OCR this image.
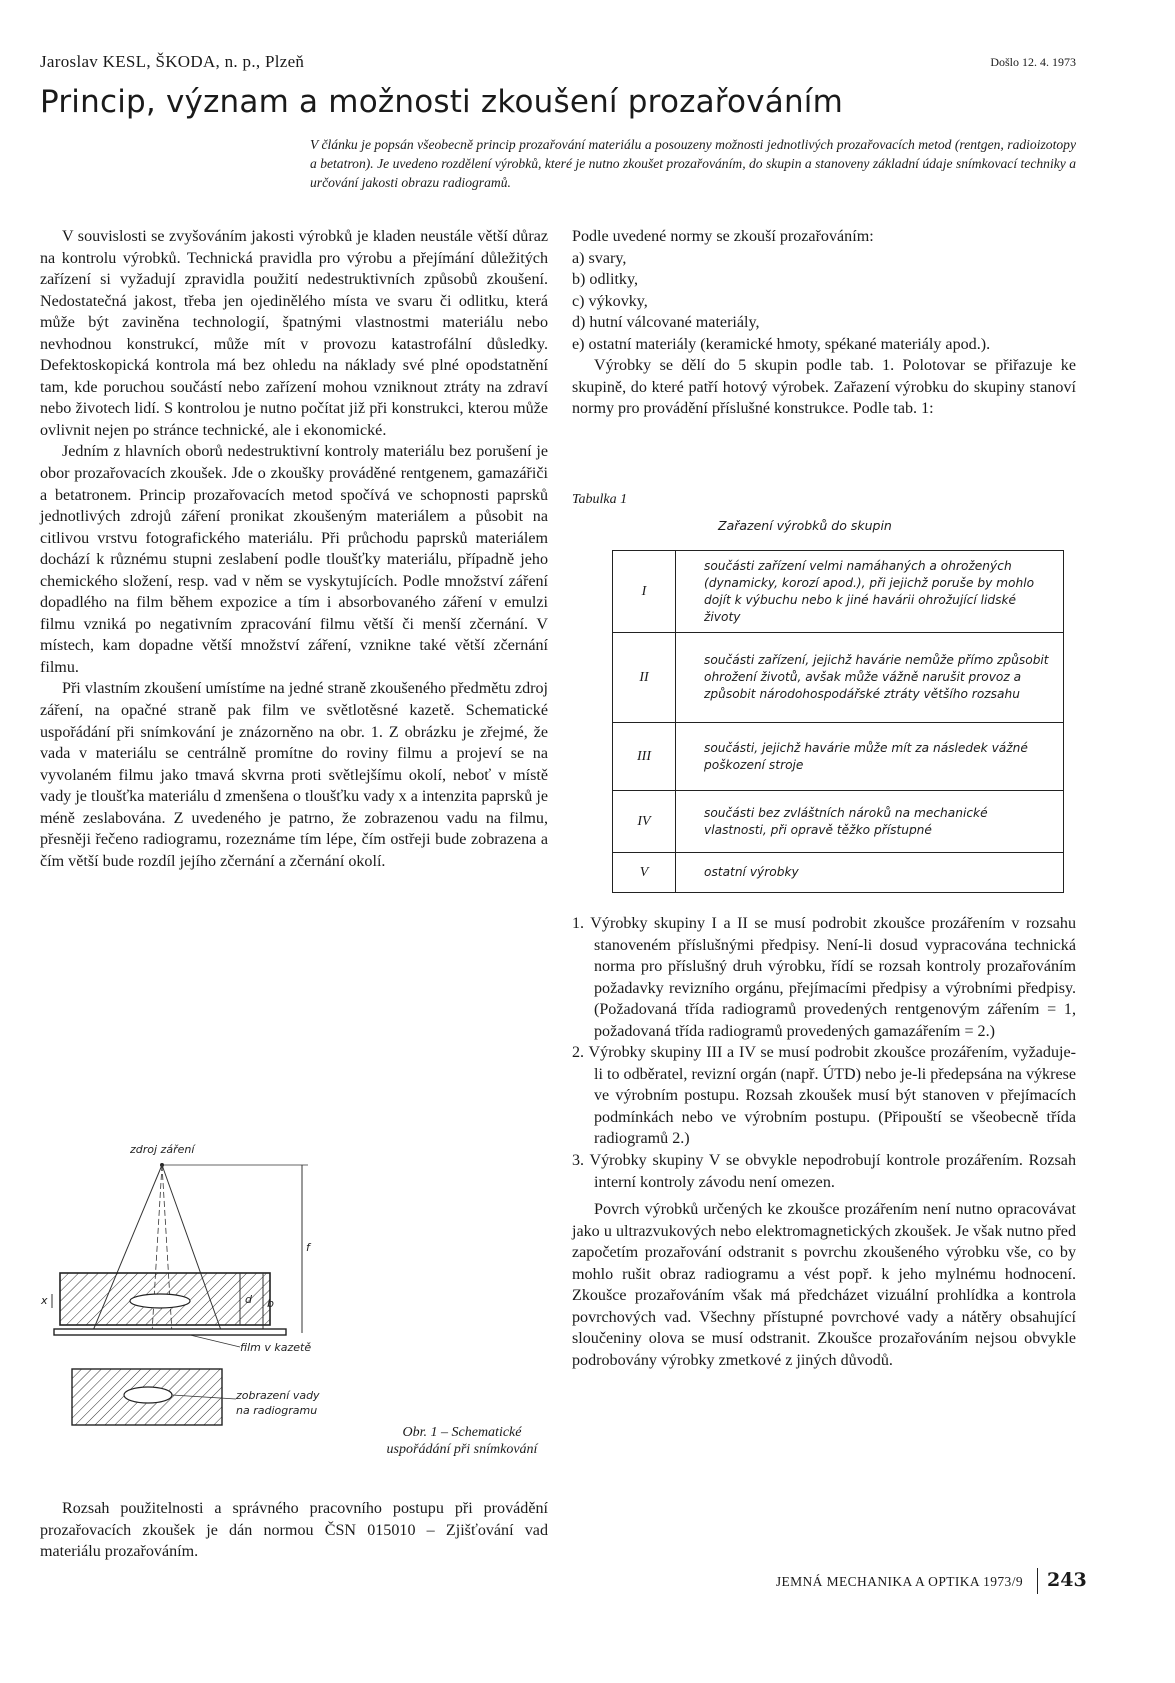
Jaroslav KESL, ŠKODA, n. p., Plzeň	Došlo 12. 4. 1973
Princip, význam a možnosti zkoušení prozařováním
V článku je popsán všeobecně princip prozařování materiálu a posouzeny možnosti jednotlivých prozařovacích metod (rentgen, radioizotopy a betatron). Je uvedeno rozdělení výrobků, které je nutno zkoušet prozařováním, do skupin a stanoveny základní údaje snímkovací techniky a určování jakosti obrazu radiogramů.

V souvislosti se zvyšováním jakosti výrobků je kladen neustále větší důraz na kontrolu výrobků. Technická pravidla pro výrobu a přejímání důležitých zařízení si vyžadují zpravidla použití nedestruktivních způsobů zkoušení. Nedostatečná jakost, třeba jen ojedinělého místa ve svaru či odlitku, která může být zaviněna technologií, špatnými vlastnostmi materiálu nebo nevhodnou konstrukcí, může mít v provozu katastrofální důsledky. Defektoskopická kontrola má bez ohledu na náklady své plné opodstatnění tam, kde poruchou součástí nebo zařízení mohou vzniknout ztráty na zdraví nebo životech lidí. S kontrolou je nutno počítat již při konstrukci, kterou může ovlivnit nejen po stránce technické, ale i ekonomické.

Jedním z hlavních oborů nedestruktivní kontroly materiálu bez porušení je obor prozařovacích zkoušek. Jde o zkoušky prováděné rentgenem, gamazářiči a betatronem. Princip prozařovacích metod spočívá ve schopnosti paprsků jednotlivých zdrojů záření pronikat zkoušeným materiálem a působit na citlivou vrstvu fotografického materiálu. Při průchodu paprsků materiálem dochází k různému stupni zeslabení podle tloušťky materiálu, případně jeho chemického složení, resp. vad v něm se vyskytujících. Podle množství záření dopadlého na film během expozice a tím i absorbovaného záření v emulzi filmu vzniká po negativním zpracování filmu větší či menší zčernání. V místech, kam dopadne větší množství záření, vznikne také větší zčernání filmu.

Při vlastním zkoušení umístíme na jedné straně zkoušeného předmětu zdroj záření, na opačné straně pak film ve světlotěsné kazetě. Schematické uspořádání při snímkování je znázorněno na obr. 1. Z obrázku je zřejmé, že vada v materiálu se centrálně promítne do roviny filmu a projeví se na vyvolaném filmu jako tmavá skvrna proti světlejšímu okolí, neboť v místě vady je tloušťka materiálu d zmenšena o tloušťku vady x a intenzita paprsků je méně zeslabována. Z uvedeného je patrno, že zobrazenou vadu na filmu, přesněji řečeno radiogramu, rozeznáme tím lépe, čím ostřeji bude zobrazena a čím větší bude rozdíl jejího zčernání a zčernání okolí.

zdroj záření
f
x	d b
film v kazetě
zobrazení vady
na radiogramu
Obr. 1 – Schematické uspořádání při snímkování

Rozsah použitelnosti a správného pracovního postupu při provádění prozařovacích zkoušek je dán normou ČSN 015010 – Zjišťování vad materiálu prozařováním.

Podle uvedené normy se zkouší prozařováním:

a) svary,
b) odlitky,
c) výkovky,
d) hutní válcované materiály,
e) ostatní materiály (keramické hmoty, spékané materiály apod.).

Výrobky se dělí do 5 skupin podle tab. 1. Polotovar se přiřazuje ke skupině, do které patří hotový výrobek. Zařazení výrobku do skupiny stanoví normy pro provádění příslušné konstrukce. Podle tab. 1:

Tabulka 1
Zařazení výrobků do skupin
I	součásti zařízení velmi namáhaných a ohrožených (dynamicky, korozí apod.), při jejichž poruše by mohlo dojít k výbuchu nebo k jiné havárii ohrožující lidské životy
II	součásti zařízení, jejichž havárie nemůže přímo způsobit ohrožení životů, avšak může vážně narušit provoz a způsobit národohospodářské ztráty většího rozsahu
III	součásti, jejichž havárie může mít za následek vážné poškození stroje
IV	součásti bez zvláštních nároků na mechanické vlastnosti, při opravě těžko přístupné
V	ostatní výrobky
1. Výrobky skupiny I a II se musí podrobit zkoušce prozářením v rozsahu stanoveném příslušnými předpisy. Není-li dosud vypracována technická norma pro příslušný druh výrobku, řídí se rozsah kontroly prozařováním požadavky revizního orgánu, přejímacími předpisy a výrobními předpisy. (Požadovaná třída radiogramů provedených rentgenovým zářením = 1, požadovaná třída radiogramů provedených gamazářením = 2.)
2. Výrobky skupiny III a IV se musí podrobit zkoušce prozářením, vyžaduje-li to odběratel, revizní orgán (např. ÚTD) nebo je-li předepsána na výkrese ve výrobním postupu. Rozsah zkoušek musí být stanoven v přejímacích podmínkách nebo ve výrobním postupu. (Připouští se všeobecně třída radiogramů 2.)
3. Výrobky skupiny V se obvykle nepodrobují kontrole prozářením. Rozsah interní kontroly závodu není omezen.

Povrch výrobků určených ke zkoušce prozářením není nutno opracovávat jako u ultrazvukových nebo elektromagnetických zkoušek. Je však nutno před započetím prozařování odstranit s povrchu zkoušeného výrobku vše, co by mohlo rušit obraz radiogramu a vést popř. k jeho mylnému hodnocení. Zkoušce prozařováním však má předcházet vizuální prohlídka a kontrola povrchových vad. Všechny přístupné povrchové vady a nátěry obsahující sloučeniny olova se musí odstranit. Zkoušce prozařováním nejsou obvykle podrobovány výrobky zmetkové z jiných důvodů.

JEMNÁ MECHANIKA A OPTIKA 1973/9 243
